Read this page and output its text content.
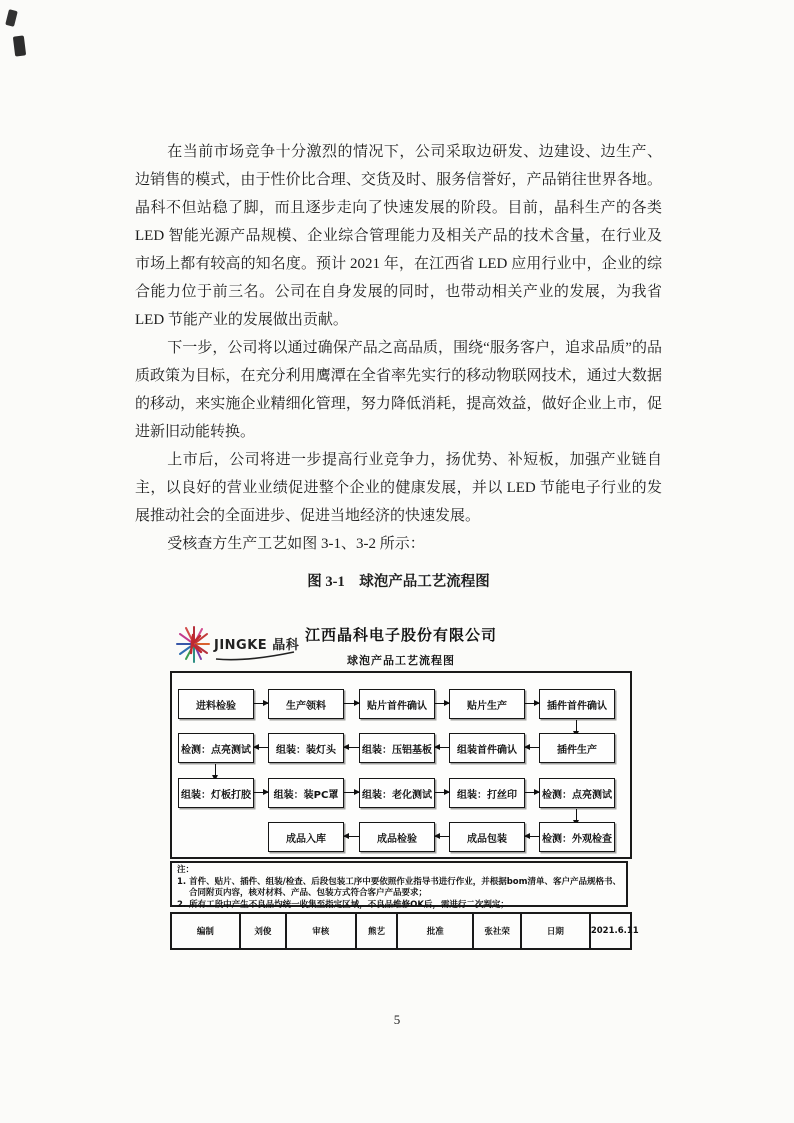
在当前市场竞争十分激烈的情况下，公司采取边研发、边建设、边生产、边销售的模式，由于性价比合理、交货及时、服务信誉好，产品销往世界各地。晶科不但站稳了脚，而且逐步走向了快速发展的阶段。目前，晶科生产的各类 LED 智能光源产品规模、企业综合管理能力及相关产品的技术含量，在行业及市场上都有较高的知名度。预计 2021 年，在江西省 LED 应用行业中，企业的综合能力位于前三名。公司在自身发展的同时，也带动相关产业的发展，为我省 LED 节能产业的发展做出贡献。

下一步，公司将以通过确保产品之高品质，围绕“服务客户，追求品质”的品质政策为目标，在充分利用鹰潭在全省率先实行的移动物联网技术，通过大数据的移动，来实施企业精细化管理，努力降低消耗，提高效益，做好企业上市，促进新旧动能转换。

上市后，公司将进一步提高行业竞争力，扬优势、补短板，加强产业链自主，以良好的营业业绩促进整个企业的健康发展，并以 LED 节能电子行业的发展推动社会的全面进步、促进当地经济的快速发展。

受核查方生产工艺如图 3-1、3-2 所示：

图 3-1　球泡产品工艺流程图
JINGKE 晶科
江西晶科电子股份有限公司
球泡产品工艺流程图
进料检验	生产领料	贴片首件确认	贴片生产	插件首件确认
检测：点亮测试	组装：装灯头	组装：压铝基板	组装首件确认	插件生产
组装：灯板打胶	组装：装PC罩	组装：老化测试	组装：打丝印	检测：点亮测试
成品入库	成品检验	成品包装	检测：外观检查
注：
1. 首件、贴片、插件、组装/检查、后段包装工序中要依照作业指导书进行作业，并根据bom清单、客户产品规格书、合同附页内容，核对材料、产品、包装方式符合客户产品要求；
2. 所有工段中产生不良品均统一收集至指定区域，不良品维修OK后，需进行二次判定；
编制	刘俊	审核	熊艺	批准	张社荣	日期	2021.6.11
5
